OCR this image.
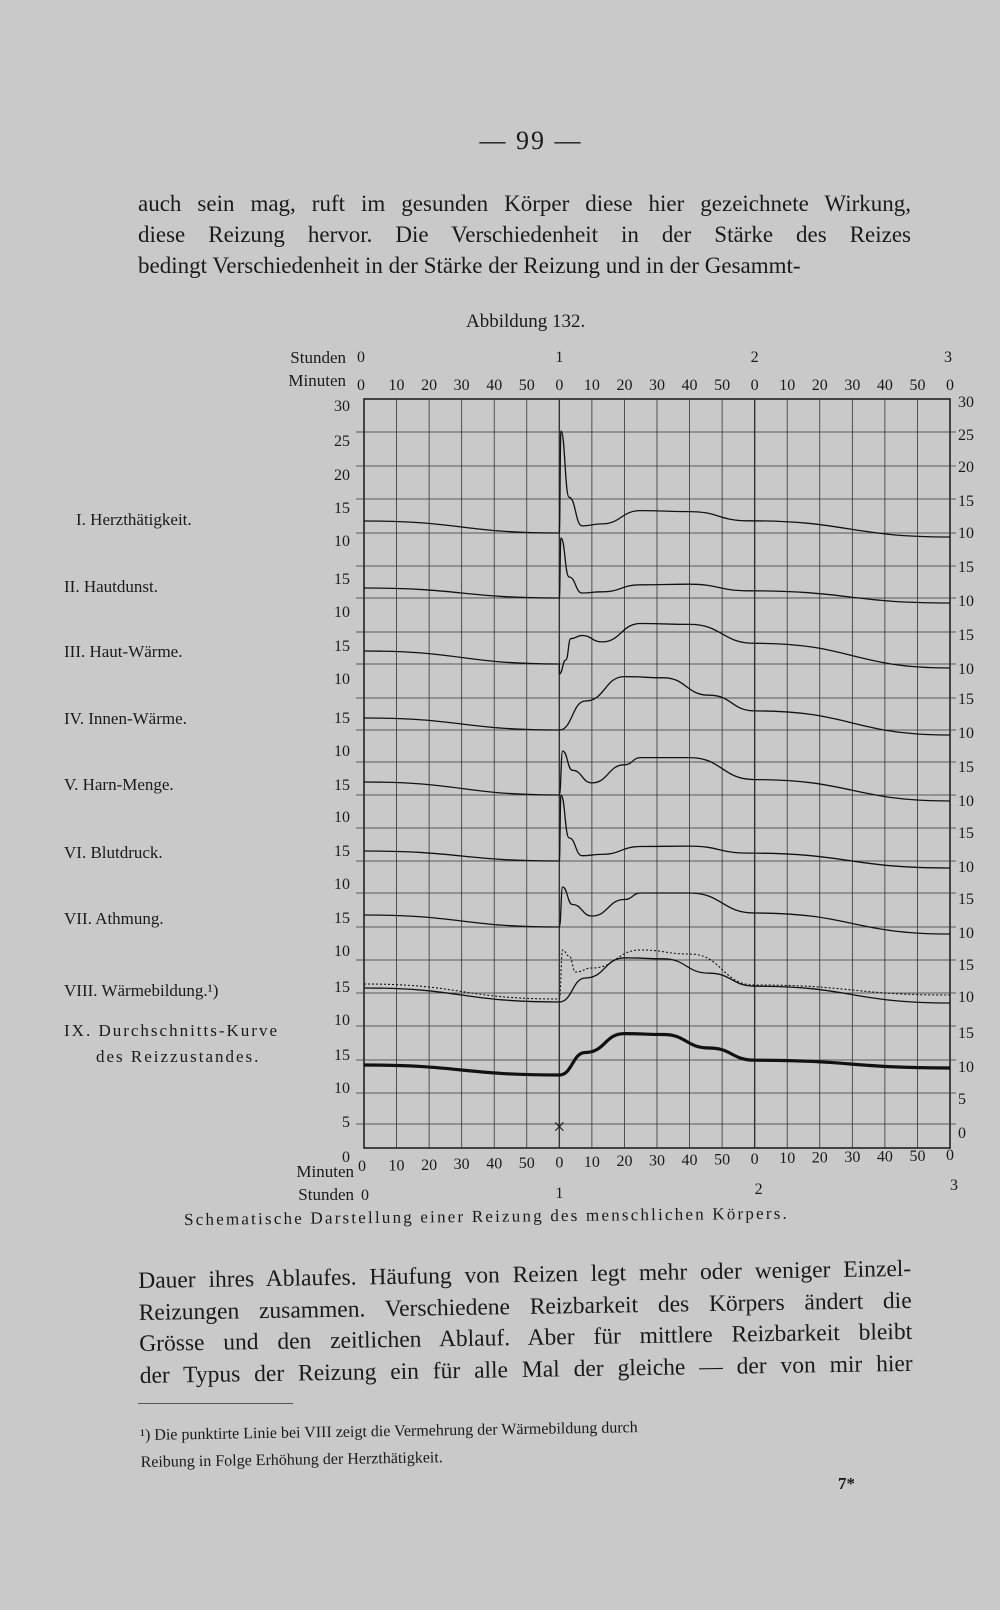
— 99 —
auch sein mag, ruft im gesunden Körper diese hier gezeichnete Wirkung,
diese Reizung hervor. Die Verschiedenheit in der Stärke des Reizes
bedingt Verschiedenheit in der Stärke der Reizung und in der Gesammt-
Abbildung 132.
30
25
20
15
10
15
10
15
10
15
10
15
10
15
10
15
10
15
10
15
10
5
0
30
25
20
15
10
15
10
15
10
15
10
15
10
15
10
15
10
15
10
15
10
5
0
Stunden 0	1	2	3
Minuten 0 10 20 30 40 50 0 10 20 30 40 50 0 10 20 30 40 50 0
Minuten 0 10 20 30 40 50 0 10 20 30 40 50 0 10 20 30 40 50 0
Stunden 0	1	2	3
×
I. Herzthätigkeit.
II. Hautdunst.
III. Haut-Wärme.
IV. Innen-Wärme.
V. Harn-Menge.
VI. Blutdruck.
VII. Athmung.
VIII. Wärmebildung.¹)
IX. Durchschnitts-Kurve
des Reizzustandes.
Schematische Darstellung einer Reizung des menschlichen Körpers.
Dauer ihres Ablaufes. Häufung von Reizen legt mehr oder weniger Einzel-
Reizungen zusammen. Verschiedene Reizbarkeit des Körpers ändert die
Grösse und den zeitlichen Ablauf. Aber für mittlere Reizbarkeit bleibt
der Typus der Reizung ein für alle Mal der gleiche — der von mir hier
¹) Die punktirte Linie bei VIII zeigt die Vermehrung der Wärmebildung durch
Reibung in Folge Erhöhung der Herzthätigkeit.
7*
